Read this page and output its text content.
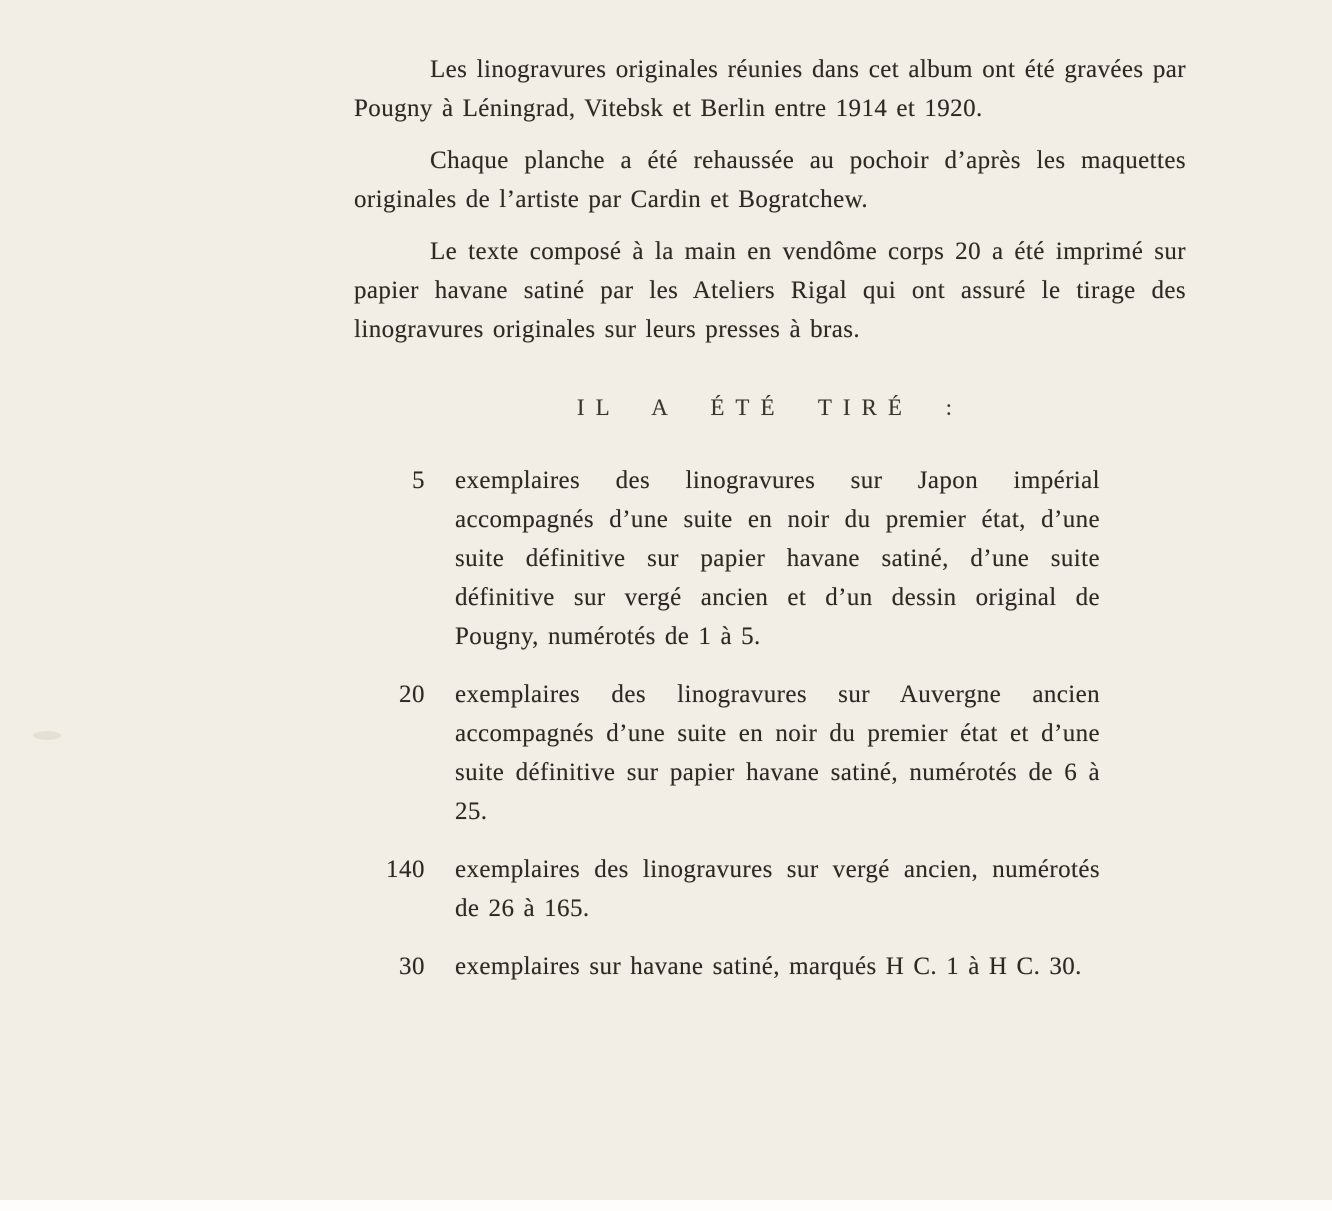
Les linogravures originales réunies dans cet album ont été gravées par Pougny à Léningrad, Vitebsk et Berlin entre 1914 et 1920.

Chaque planche a été rehaussée au pochoir d’après les maquettes originales de l’artiste par Cardin et Bogratchew.

Le texte composé à la main en vendôme corps 20 a été imprimé sur papier havane satiné par les Ateliers Rigal qui ont assuré le tirage des linogravures originales sur leurs presses à bras.

IL A ÉTÉ TIRÉ :
5 exemplaires des linogravures sur Japon impérial accompagnés d’une suite en noir du premier état, d’une suite définitive sur papier havane satiné, d’une suite définitive sur vergé ancien et d’un dessin original de Pougny, numérotés de 1 à 5.
20 exemplaires des linogravures sur Auvergne ancien accompagnés d’une suite en noir du premier état et d’une suite définitive sur papier havane satiné, numérotés de 6 à 25.
140 exemplaires des linogravures sur vergé ancien, numérotés de 26 à 165.
30 exemplaires sur havane satiné, marqués H C. 1 à H C. 30.
